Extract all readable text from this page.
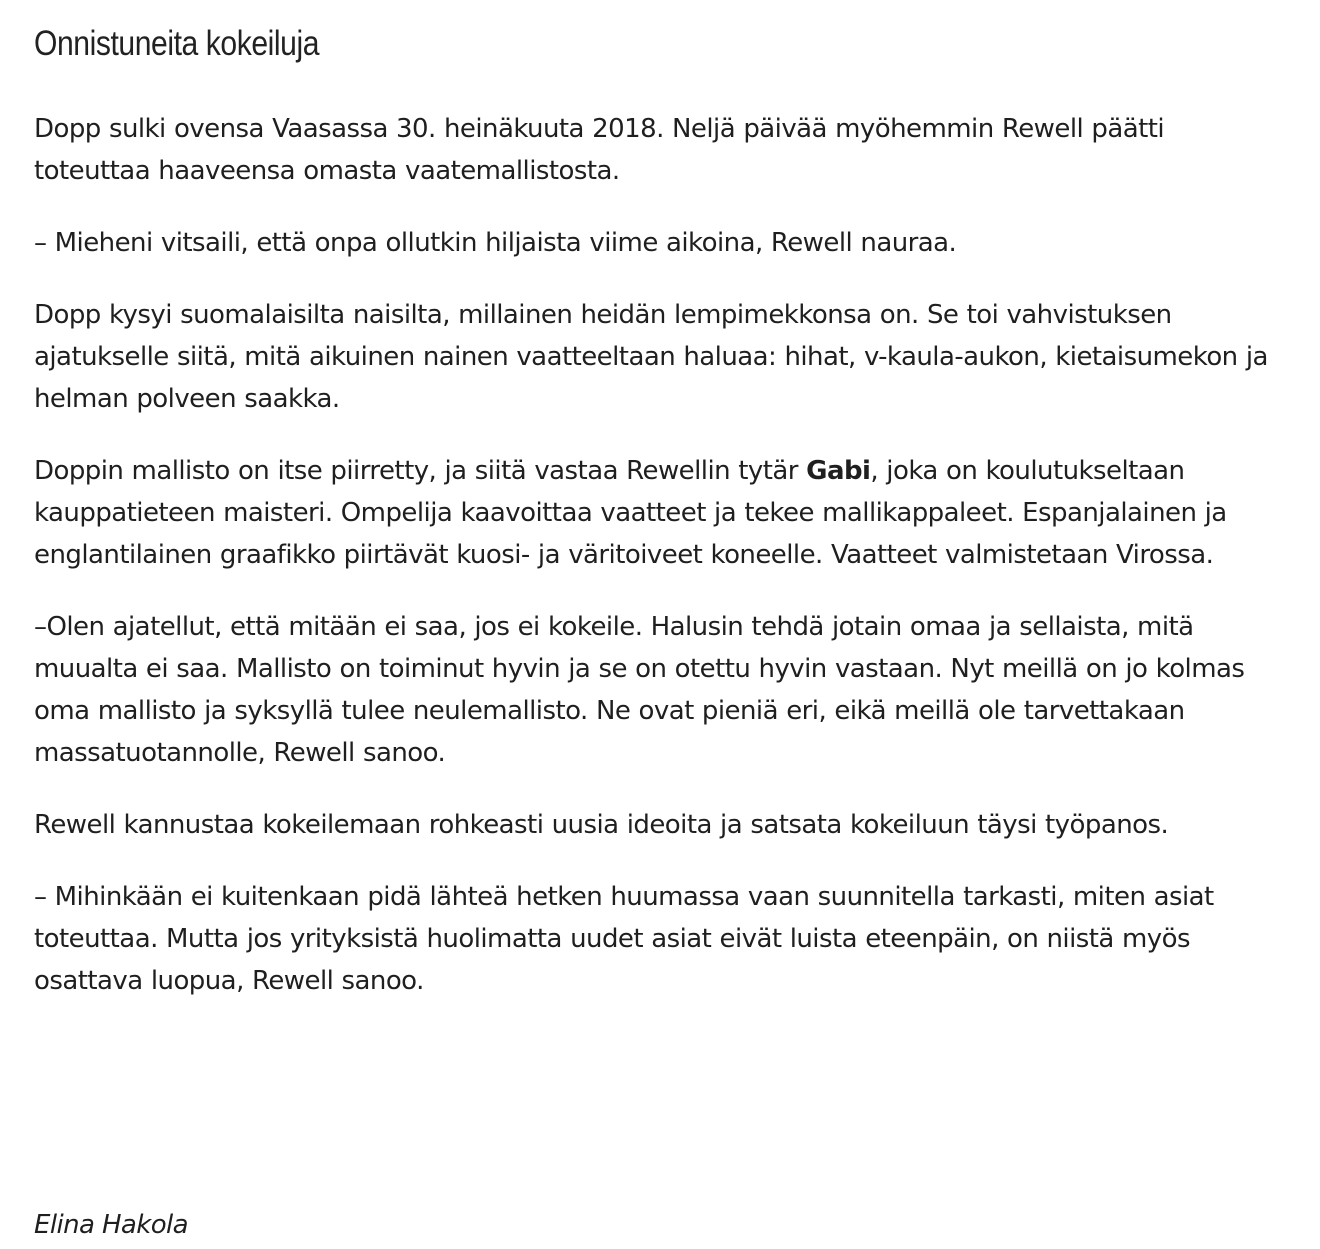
Onnistuneita kokeiluja

Dopp sulki ovensa Vaasassa 30. heinäkuuta 2018. Neljä päivää myöhemmin Rewell päätti toteuttaa haaveensa omasta vaatemallistosta.

– Mieheni vitsaili, että onpa ollutkin hiljaista viime aikoina, Rewell nauraa.

Dopp kysyi suomalaisilta naisilta, millainen heidän lempimekkonsa on. Se toi vahvistuksen ajatukselle siitä, mitä aikuinen nainen vaatteeltaan haluaa: hihat, v-kaula-aukon, kietaisumekon ja helman polveen saakka.

Doppin mallisto on itse piirretty, ja siitä vastaa Rewellin tytär Gabi, joka on koulutukseltaan kauppatieteen maisteri. Ompelija kaavoittaa vaatteet ja tekee mallikappaleet. Espanjalainen ja englantilainen graafikko piirtävät kuosi- ja väritoiveet koneelle. Vaatteet valmistetaan Virossa.

–Olen ajatellut, että mitään ei saa, jos ei kokeile. Halusin tehdä jotain omaa ja sellaista, mitä muualta ei saa. Mallisto on toiminut hyvin ja se on otettu hyvin vastaan. Nyt meillä on jo kolmas oma mallisto ja syksyllä tulee neulemallisto. Ne ovat pieniä eri, eikä meillä ole tarvettakaan massatuotannolle, Rewell sanoo.

Rewell kannustaa kokeilemaan rohkeasti uusia ideoita ja satsata kokeiluun täysi työpanos.

– Mihinkään ei kuitenkaan pidä lähteä hetken huumassa vaan suunnitella tarkasti, miten asiat toteuttaa. Mutta jos yrityksistä huolimatta uudet asiat eivät luista eteenpäin, on niistä myös osattava luopua, Rewell sanoo.

Elina Hakola
